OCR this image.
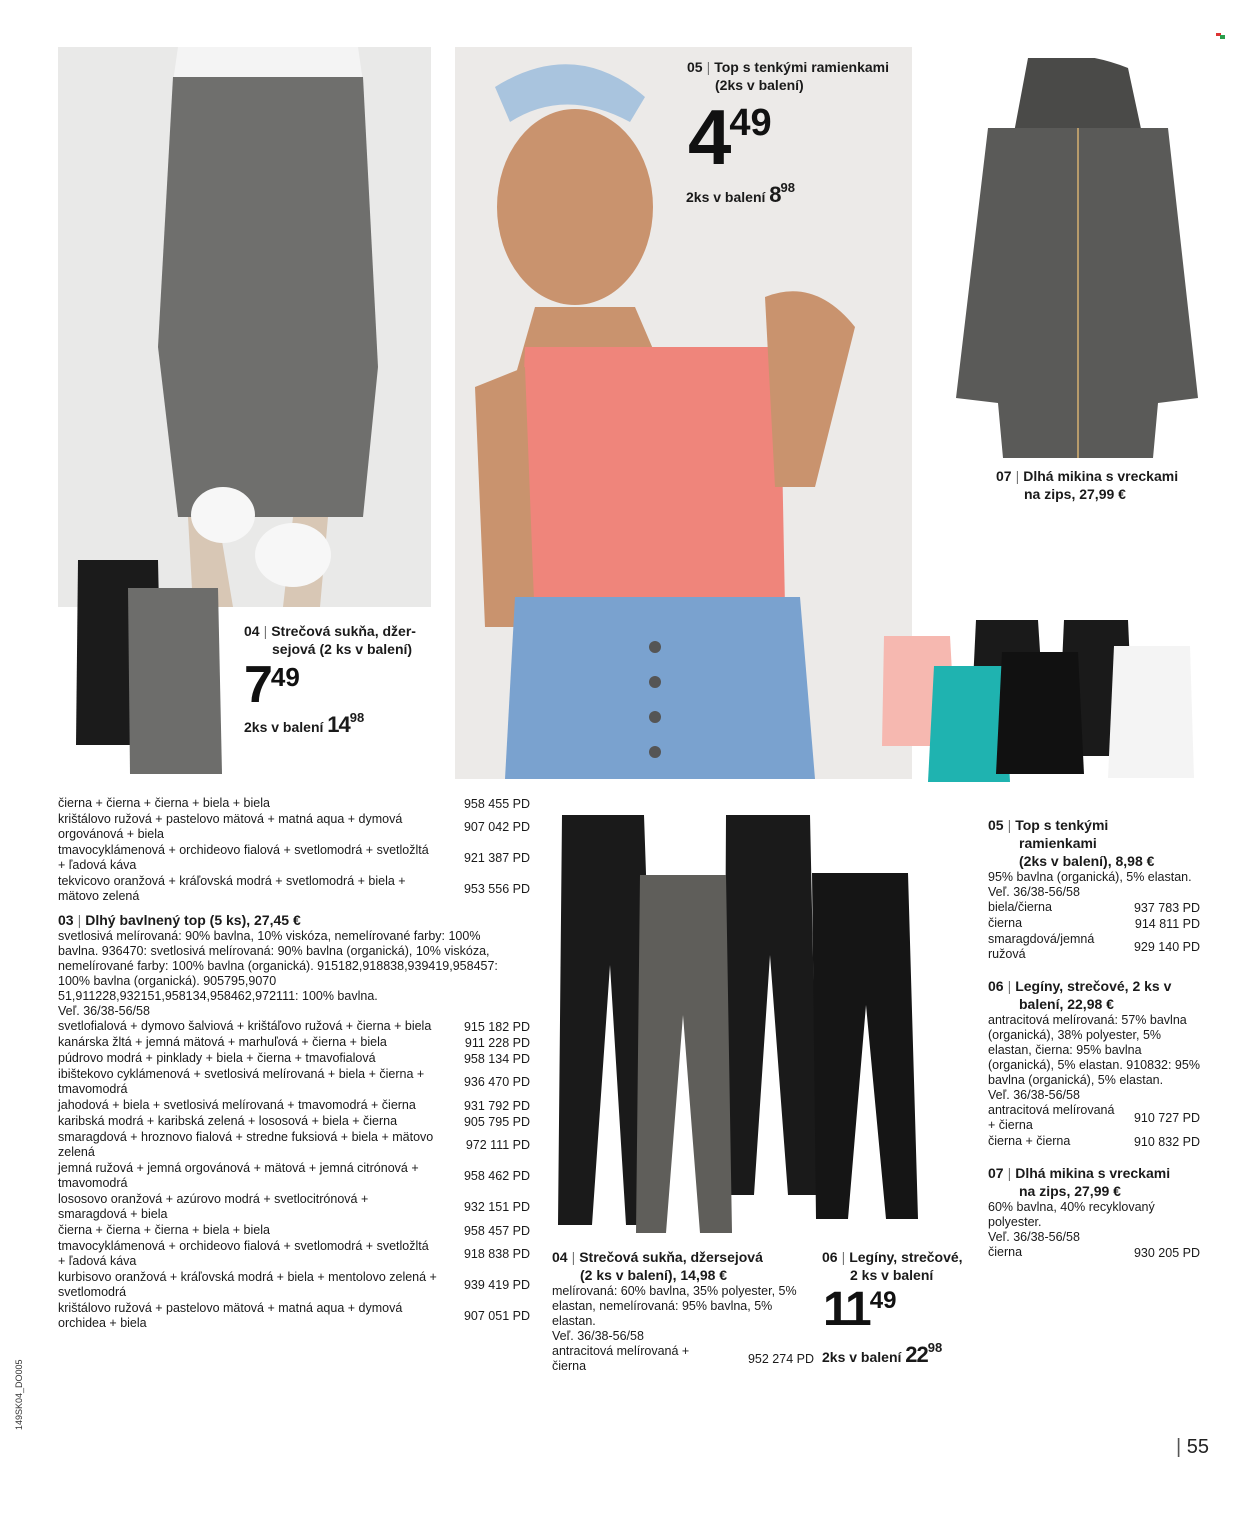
05 | Top s tenkými ramienkami
(2ks v balení)
449
2ks v balení 898
07 | Dlhá mikina s vreckami
na zips, 27,99 €
04 | Strečová sukňa, džer-
sejová (2 ks v balení)
749
2ks v balení 1498
čierna + čierna + čierna + biela + biela	958 455 PD
krištálovo ružová + pastelovo mätová + matná aqua + dymová orgovánová + biela	907 042 PD
tmavocyklámenová + orchideovo fialová + svetlomodrá + svetložltá + ľadová káva	921 387 PD
tekvicovo oranžová + kráľovská modrá + svetlomodrá + biela + mätovo zelená	953 556 PD
03 | Dlhý bavlnený top (5 ks), 27,45 €
svetlosivá melírovaná: 90% bavlna, 10% viskóza, nemelírované farby: 100% bavlna. 936470: svetlosivá melírovaná: 90% bavlna (organická), 10% viskóza, nemelírované farby: 100% bavlna (organická). 915182,918838,939419,958457: 100% bavlna (organická). 905795,9070 51,911228,932151,958134,958462,972111: 100% bavlna.
Veľ. 36/38-56/58
svetlofialová + dymovo šalviová + krištáľovo ružová + čierna + biela	915 182 PD
kanárska žltá + jemná mätová + marhuľová + čierna + biela	911 228 PD
púdrovo modrá + pinklady + biela + čierna + tmavofialová	958 134 PD
ibištekovo cyklámenová + svetlosivá melírovaná + biela + čierna + tmavomodrá	936 470 PD
jahodová + biela + svetlosivá melírovaná + tmavomodrá + čierna	931 792 PD
karibská modrá + karibská zelená + lososová + biela + čierna	905 795 PD
smaragdová + hroznovo fialová + stredne fuksiová + biela + mätovo zelená	972 111 PD
jemná ružová + jemná orgovánová + mätová + jemná citrónová + tmavomodrá	958 462 PD
lososovo oranžová + azúrovo modrá + svetlocitrónová + smaragdová + biela	932 151 PD
čierna + čierna + čierna + biela + biela	958 457 PD
tmavocyklámenová + orchideovo fialová + svetlomodrá + svetložltá + ľadová káva	918 838 PD
kurbisovo oranžová + kráľovská modrá + biela + mentolovo zelená + svetlomodrá	939 419 PD
krištálovo ružová + pastelovo mätová + matná aqua + dymová orchidea + biela	907 051 PD
04 | Strečová sukňa, džersejová
(2 ks v balení), 14,98 €
melírovaná: 60% bavlna, 35% polyester, 5% elastan, nemelírovaná: 95% bavlna, 5% elastan.
Veľ. 36/38-56/58
antracitová melírovaná + čierna	952 274 PD
06 | Legíny, strečové,
2 ks v balení
1149
2ks v balení 2298
05 | Top s tenkými
ramienkami
(2ks v balení), 8,98 €
95% bavlna (organická), 5% elastan.
Veľ. 36/38-56/58
biela/čierna	937 783 PD
čierna	914 811 PD
smaragdová/jemná ružová	929 140 PD
06 | Legíny, strečové, 2 ks v
balení, 22,98 €
antracitová melírovaná: 57% bavlna (organická), 38% polyester, 5% elastan, čierna: 95% bavlna (organická), 5% elastan. 910832: 95% bavlna (organická), 5% elastan.
Veľ. 36/38-56/58
antracitová melírovaná + čierna	910 727 PD
čierna + čierna	910 832 PD
07 | Dlhá mikina s vreckami
na zips, 27,99 €
60% bavlna, 40% recyklovaný polyester.
Veľ. 36/38-56/58
čierna	930 205 PD
149SK04_DO005
| 55
